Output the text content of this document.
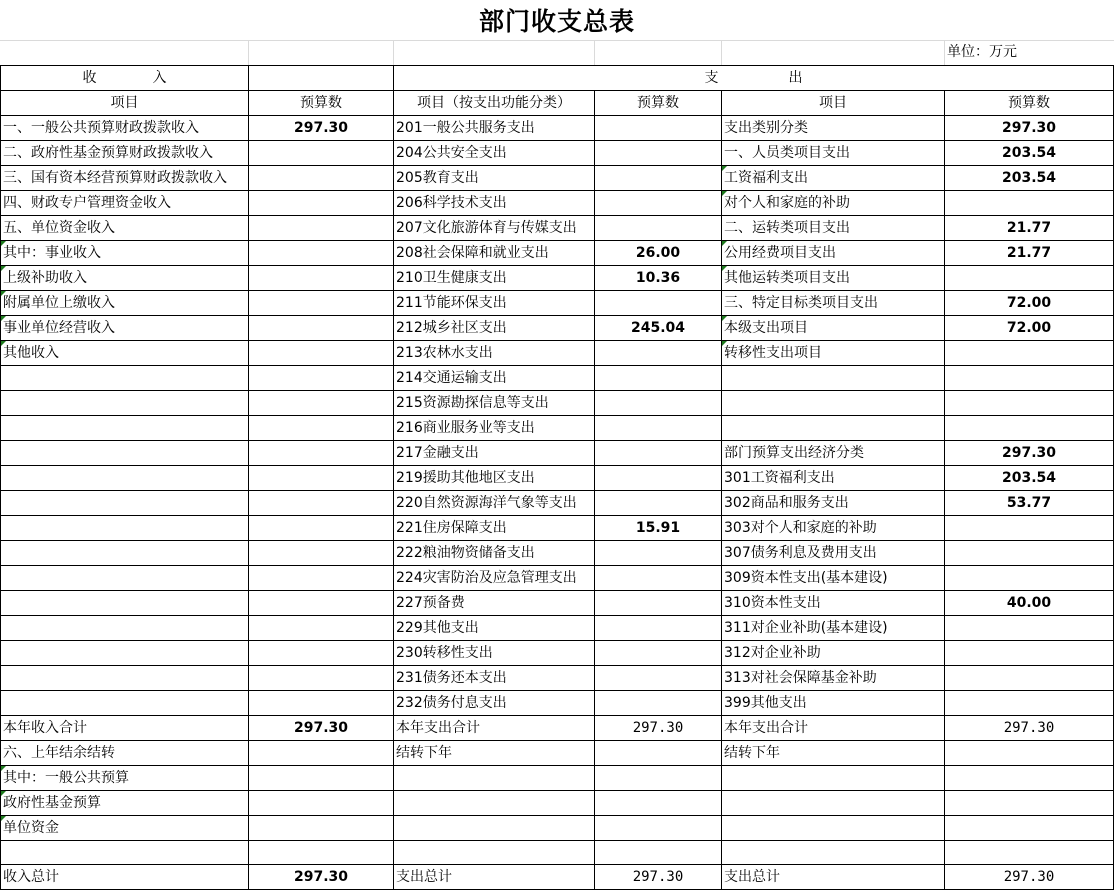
部门收支总表
单位：万元
收　　　　入		支　　　　　出			
项目	预算数	项目（按支出功能分类）	预算数	项目	预算数
一、一般公共预算财政拨款收入	297.30	201一般公共服务支出		支出类别分类	297.30
二、政府性基金预算财政拨款收入		204公共安全支出		一、人员类项目支出	203.54
三、国有资本经营预算财政拨款收入		205教育支出		工资福利支出	203.54
四、财政专户管理资金收入		206科学技术支出		对个人和家庭的补助	
五、单位资金收入		207文化旅游体育与传媒支出		二、运转类项目支出	21.77
其中：事业收入		208社会保障和就业支出	26.00	公用经费项目支出	21.77
上级补助收入		210卫生健康支出	10.36	其他运转类项目支出	
附属单位上缴收入		211节能环保支出		三、特定目标类项目支出	72.00
事业单位经营收入		212城乡社区支出	245.04	本级支出项目	72.00
其他收入		213农林水支出		转移性支出项目	
		214交通运输支出			
		215资源勘探信息等支出			
		216商业服务业等支出			
		217金融支出		部门预算支出经济分类	297.30
		219援助其他地区支出		301工资福利支出	203.54
		220自然资源海洋气象等支出		302商品和服务支出	53.77
		221住房保障支出	15.91	303对个人和家庭的补助	
		222粮油物资储备支出		307债务利息及费用支出	
		224灾害防治及应急管理支出		309资本性支出(基本建设)	
		227预备费		310资本性支出	40.00
		229其他支出		311对企业补助(基本建设)	
		230转移性支出		312对企业补助	
		231债务还本支出		313对社会保障基金补助	
		232债务付息支出		399其他支出	
本年收入合计	297.30	本年支出合计	297.30	本年支出合计	297.30
六、上年结余结转		结转下年		结转下年	
其中：一般公共预算					
政府性基金预算					
单位资金					

收入总计	297.30	支出总计	297.30	支出总计	297.30
